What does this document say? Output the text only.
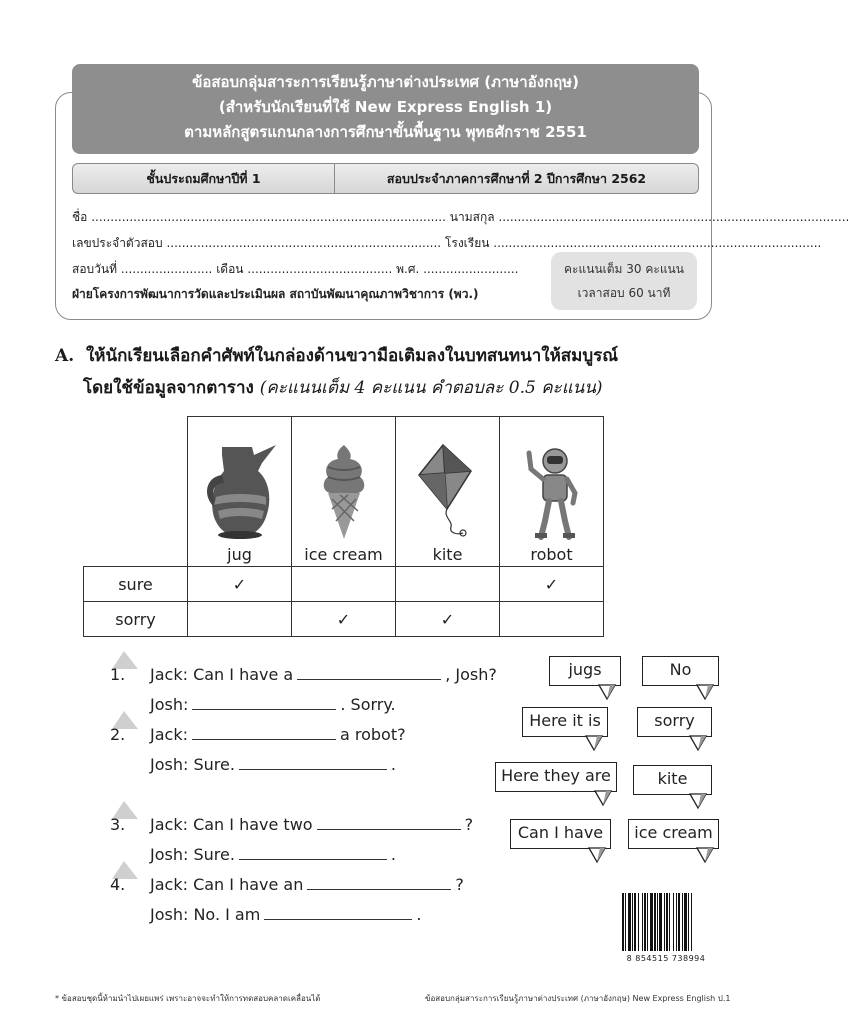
ข้อสอบกลุ่มสาระการเรียนรู้ภาษาต่างประเทศ (ภาษาอังกฤษ)
(สำหรับนักเรียนที่ใช้ New Express English 1)
ตามหลักสูตรแกนกลางการศึกษาขั้นพื้นฐาน พุทธศักราช 2551
ชั้นประถมศึกษาปีที่ 1	สอบประจำภาคการศึกษาที่ 2 ปีการศึกษา 2562
ชื่อ ............................................................................................. นามสกุล ............................................................................................
เลขประจำตัวสอบ ........................................................................ โรงเรียน ......................................................................................
สอบวันที่ ........................ เดือน ...................................... พ.ศ. .........................	คะแนนเต็ม 30 คะแนน
เวลาสอบ 60 นาที
ฝ่ายโครงการพัฒนาการวัดและประเมินผล สถาบันพัฒนาคุณภาพวิชาการ (พว.)
A. ให้นักเรียนเลือกคำศัพท์ในกล่องด้านขวามือเติมลงในบทสนทนาให้สมบูรณ์
โดยใช้ข้อมูลจากตาราง (คะแนนเต็ม 4 คะแนน คำตอบละ 0.5 คะแนน)

jug	ice cream	kite	robot
sure	✓			✓
sorry		✓	✓	
1.	Jack: Can I have a	, Josh?
Josh:	. Sorry.
2.	Jack:	a robot?
Josh: Sure.	.
3.	Jack: Can I have two	?
Josh: Sure.	.
4.	Jack: Can I have an	?
Josh: No. I am	.
jugs	No
Here it is	sorry
Here they are	kite
Can I have	ice cream
8 854515 738994
* ข้อสอบชุดนี้ห้ามนำไปเผยแพร่ เพราะอาจจะทำให้การทดสอบคลาดเคลื่อนได้	ข้อสอบกลุ่มสาระการเรียนรู้ภาษาต่างประเทศ (ภาษาอังกฤษ) New Express English ป.1
